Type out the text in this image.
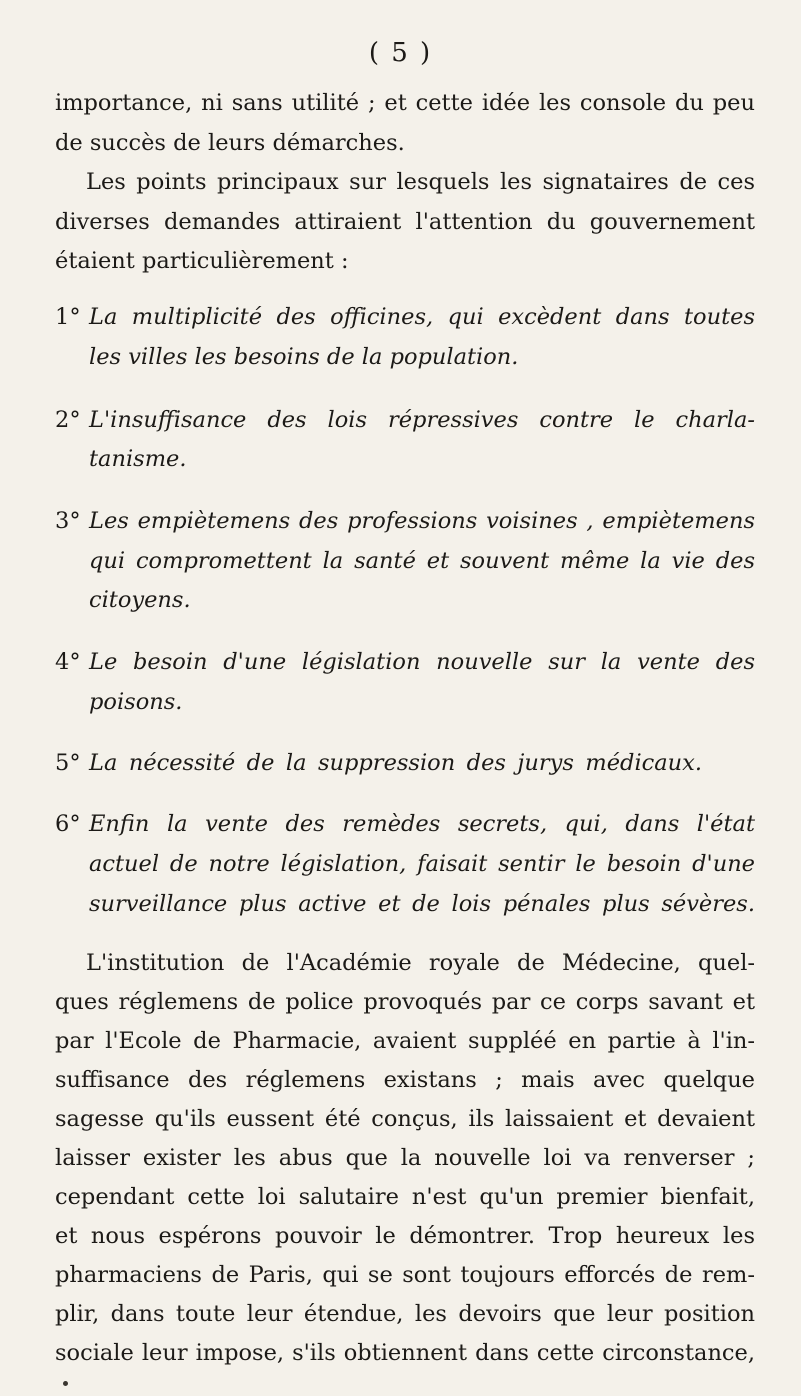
( 5 )
importance, ni sans utilité ; et cette idée les console du peu
de succès de leurs démarches.
Les points principaux sur lesquels les signataires de ces
diverses demandes attiraient l'attention du gouvernement
étaient particulièrement :
1° La multiplicité des officines, qui excèdent dans toutes
les villes les besoins de la population.
2° L'insuffisance des lois répressives contre le charla-
tanisme.
3° Les empiètemens des professions voisines , empiètemens
qui compromettent la santé et souvent même la vie des
citoyens.
4° Le besoin d'une législation nouvelle sur la vente des
poisons.
5° La nécessité de la suppression des jurys médicaux.
6° Enfin la vente des remèdes secrets, qui, dans l'état
actuel de notre législation, faisait sentir le besoin d'une
surveillance plus active et de lois pénales plus sévères.
L'institution de l'Académie royale de Médecine, quel-
ques réglemens de police provoqués par ce corps savant et
par l'Ecole de Pharmacie, avaient suppléé en partie à l'in-
suffisance des réglemens existans ; mais avec quelque
sagesse qu'ils eussent été conçus, ils laissaient et devaient
laisser exister les abus que la nouvelle loi va renverser ;
cependant cette loi salutaire n'est qu'un premier bienfait,
et nous espérons pouvoir le démontrer. Trop heureux les
pharmaciens de Paris, qui se sont toujours efforcés de rem-
plir, dans toute leur étendue, les devoirs que leur position
sociale leur impose, s'ils obtiennent dans cette circonstance,
